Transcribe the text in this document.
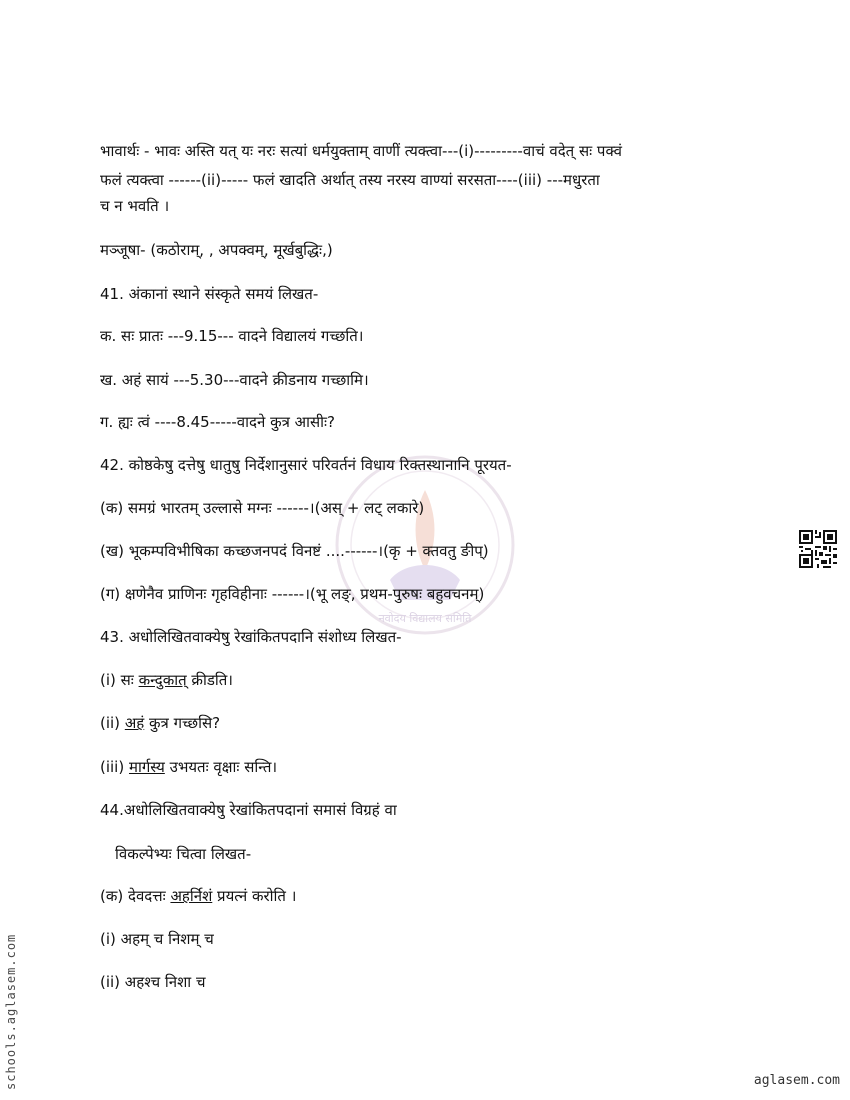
नवोदय विद्यालय समिति
भावार्थः - भावः अस्ति यत् यः नरः सत्यां धर्मयुक्ताम् वाणीं त्यक्त्वा---(i)---------वाचं वदेत् सः पक्वं
फलं त्यक्त्वा ------(ii)----- फलं खादति अर्थात् तस्य नरस्य वाण्यां सरसता----(iii) ---मधुरता
च न भवति ।
मञ्जूषा- (कठोराम्, , अपक्वम्, मूर्खबुद्धिः,)
41. अंकानां स्थाने संस्कृते समयं लिखत-
क. सः प्रातः ---9.15--- वादने विद्यालयं गच्छति।
ख. अहं सायं ---5.30---वादने क्रीडनाय गच्छामि।
ग. ह्यः त्वं ----8.45-----वादने कुत्र आसीः?
42. कोष्ठकेषु दत्तेषु धातुषु निर्देशानुसारं परिवर्तनं विधाय रिक्तस्थानानि पूरयत-
(क) समग्रं भारतम् उल्लासे मग्नः ------।(अस् + लट् लकारे)
(ख) भूकम्पविभीषिका कच्छजनपदं विनष्टं ....------।(कृ + क्तवतु ङीप्)
(ग) क्षणेनैव प्राणिनः गृहविहीनाः ------।(भू लङ्, प्रथम-पुरुषः बहुवचनम्)
43. अधोलिखितवाक्येषु रेखांकितपदानि संशोध्य लिखत-
(i) सः कन्दुकात् क्रीडति।
(ii) अहं कुत्र गच्छसि?
(iii) मार्गस्य उभयतः वृक्षाः सन्ति।
44.अधोलिखितवाक्येषु रेखांकितपदानां समासं विग्रहं वा
विकल्पेभ्यः चित्वा लिखत-
(क) देवदत्तः अहर्निशं प्रयत्नं करोति ।
(i) अहम् च निशम् च
(ii) अहश्च निशा च
schools.aglasem.com	aglasem.com
